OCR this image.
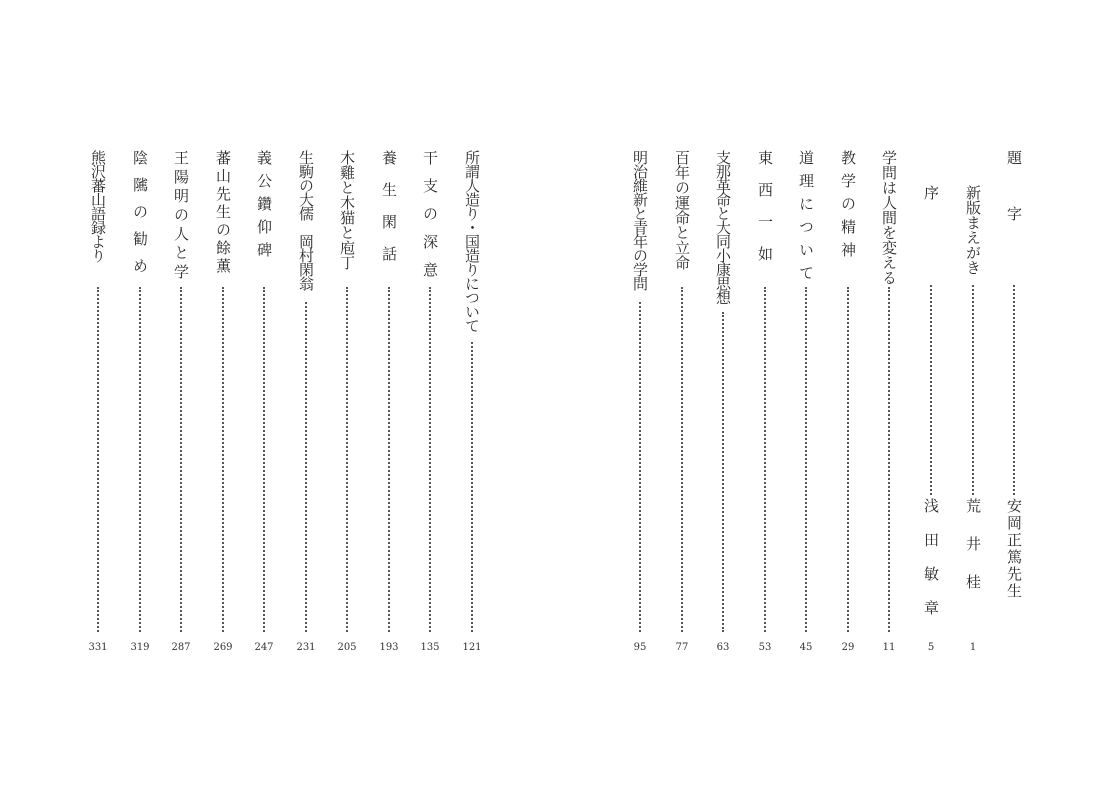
題　字
安岡正篤先生
新版まえがき
荒　井　桂
1
序
浅　田　敏　章
5
学問は人間を変える
11
教学の精神
29
道理について
45
東西一如
53
支那革命と大同小康思想
63
百年の運命と立命
77
明治維新と青年の学問
95
所謂人造り・国造りについて
121
干支の深意
135
養生閑話
193
木雞と木猫と庖丁
205
生駒の大儒　岡村閑翁
231
義公鑽仰碑
247
蕃山先生の餘薫
269
王陽明の人と学
287
陰隲の勧め
319
熊沢蕃山語録より
331
